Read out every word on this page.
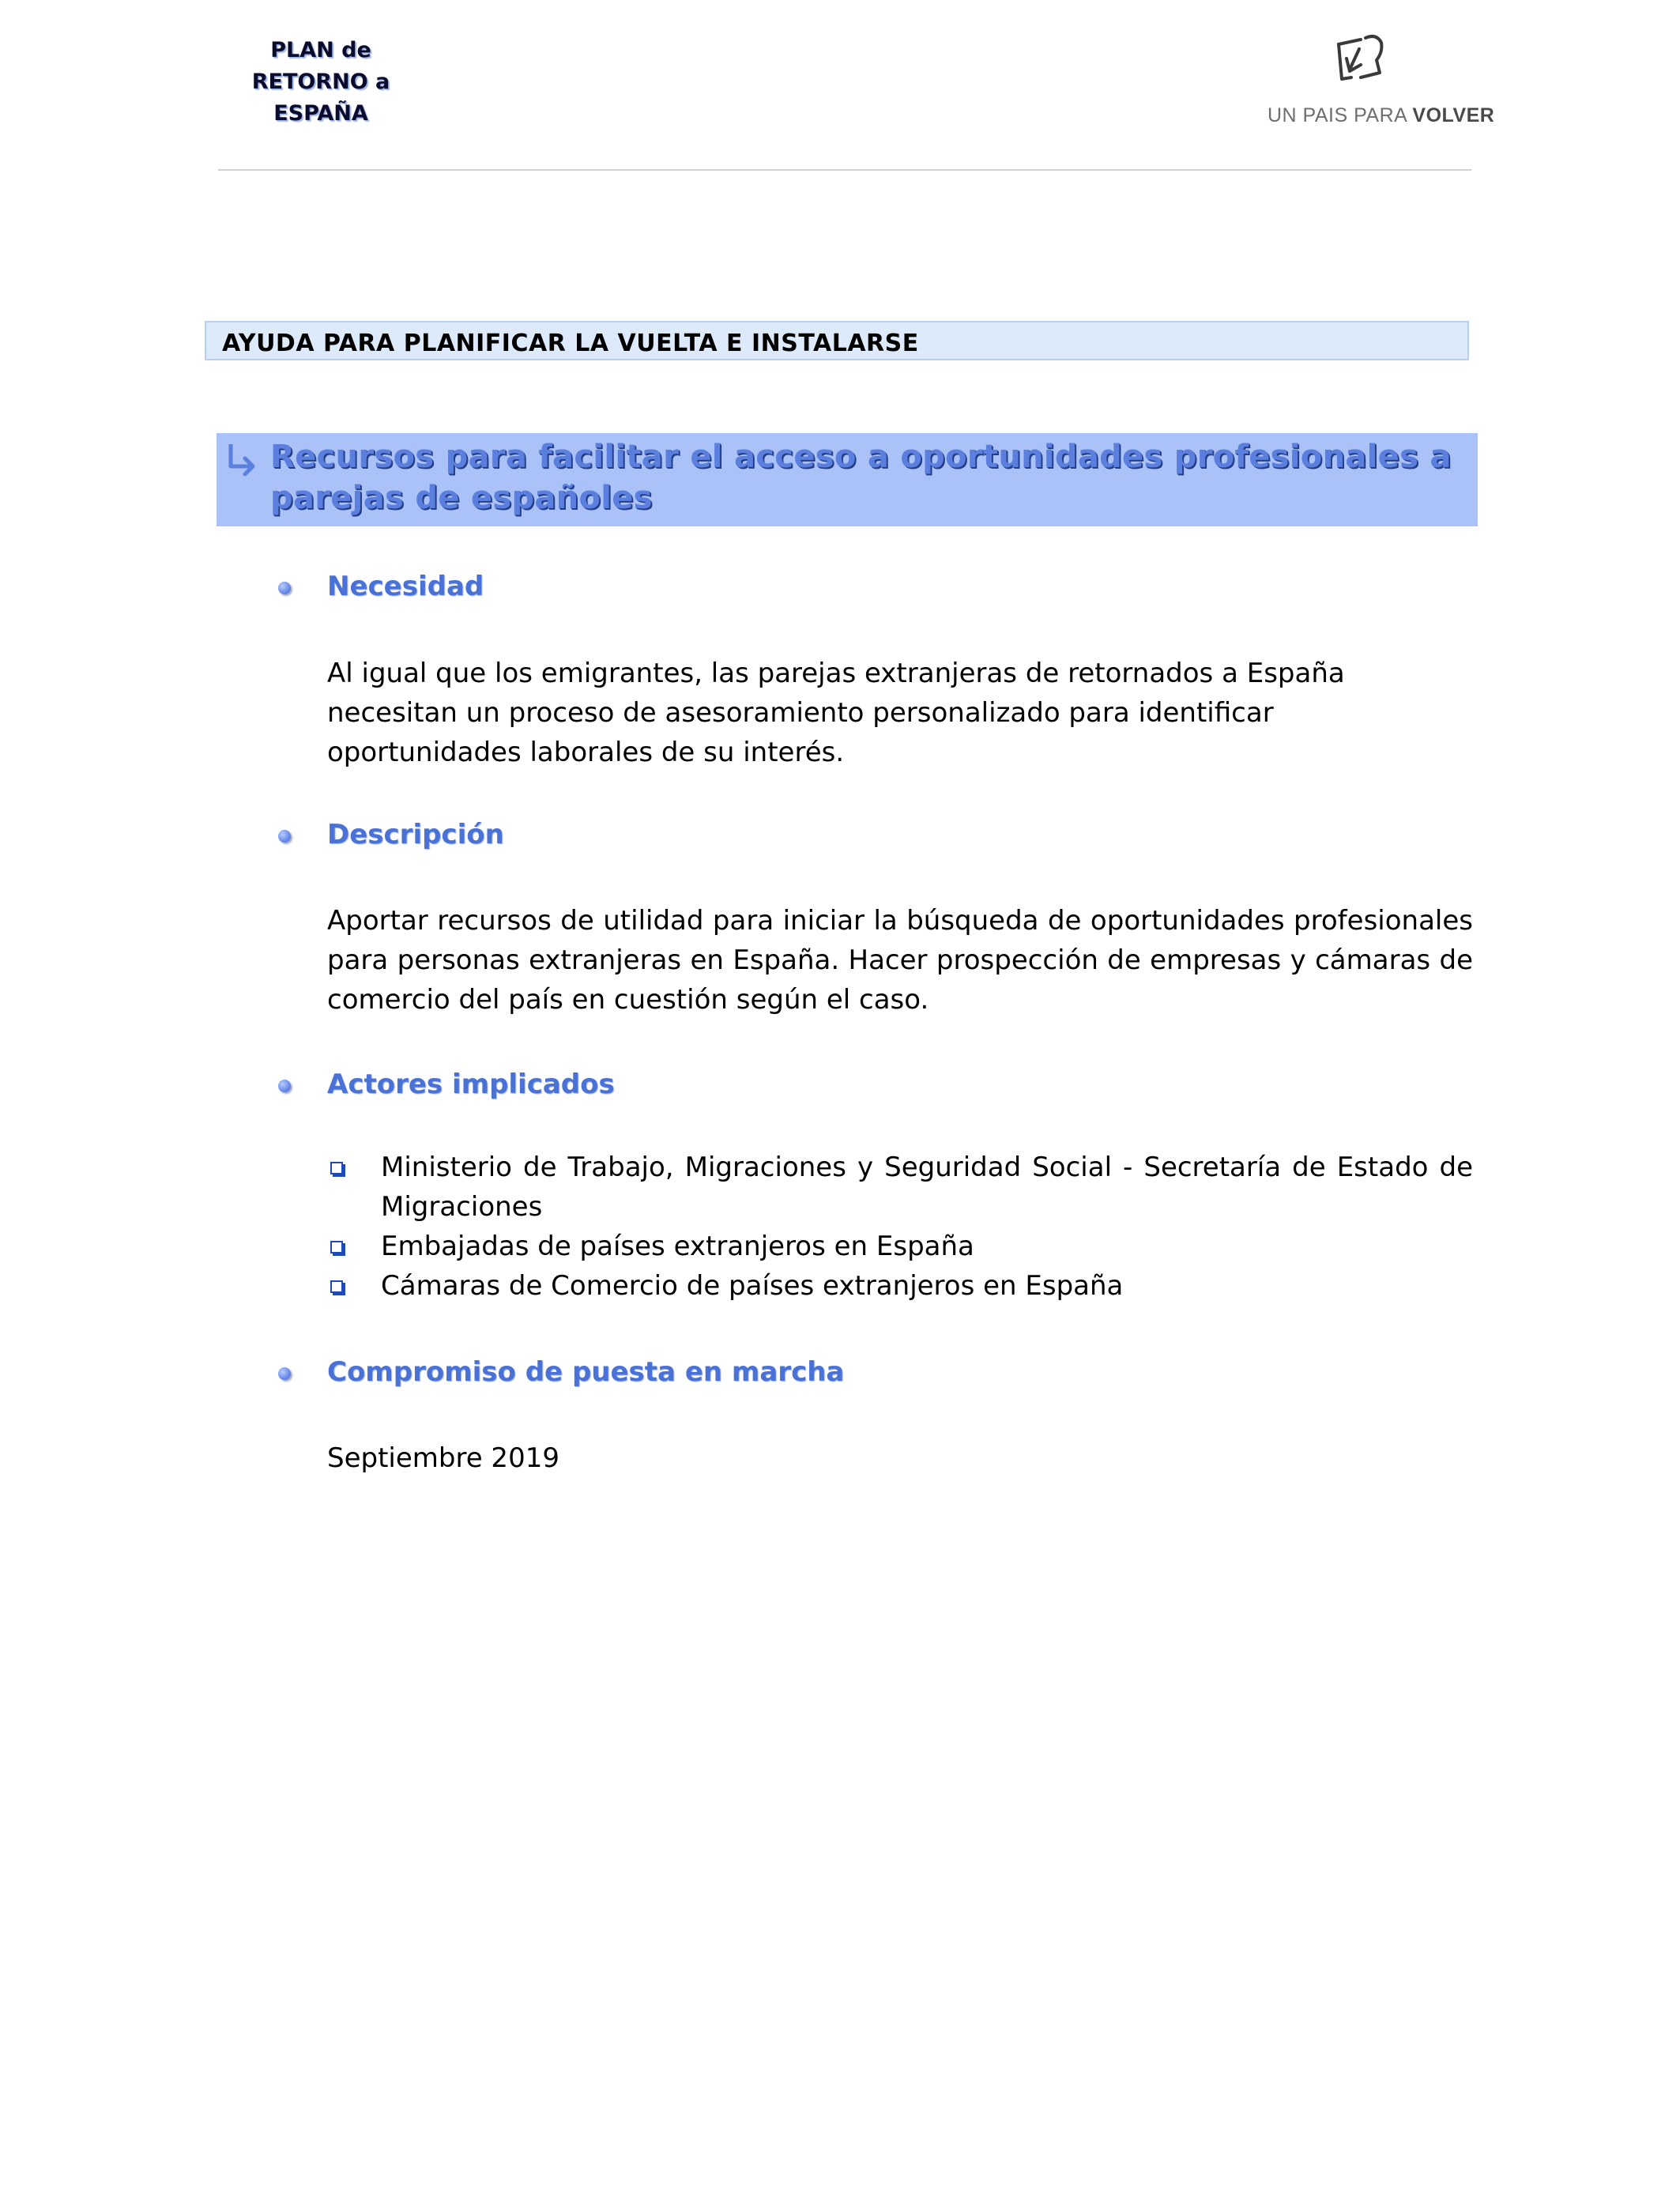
PLAN de
RETORNO a
ESPAÑA	UN PAIS PARA VOLVER
AYUDA PARA PLANIFICAR LA VUELTA E INSTALARSE
Recursos para facilitar el acceso a oportunidades profesionales a parejas de españoles
Necesidad
Al igual que los emigrantes, las parejas extranjeras de retornados a España necesitan un proceso de asesoramiento personalizado para identificar oportunidades laborales de su interés.
Descripción
Aportar recursos de utilidad para iniciar la búsqueda de oportunidades profesionales para personas extranjeras en España. Hacer prospección de empresas y cámaras de comercio del país en cuestión según el caso.
Actores implicados
Ministerio de Trabajo, Migraciones y Seguridad Social - Secretaría de Estado de Migraciones
Embajadas de países extranjeros en España
Cámaras de Comercio de países extranjeros en España
Compromiso de puesta en marcha
Septiembre 2019
